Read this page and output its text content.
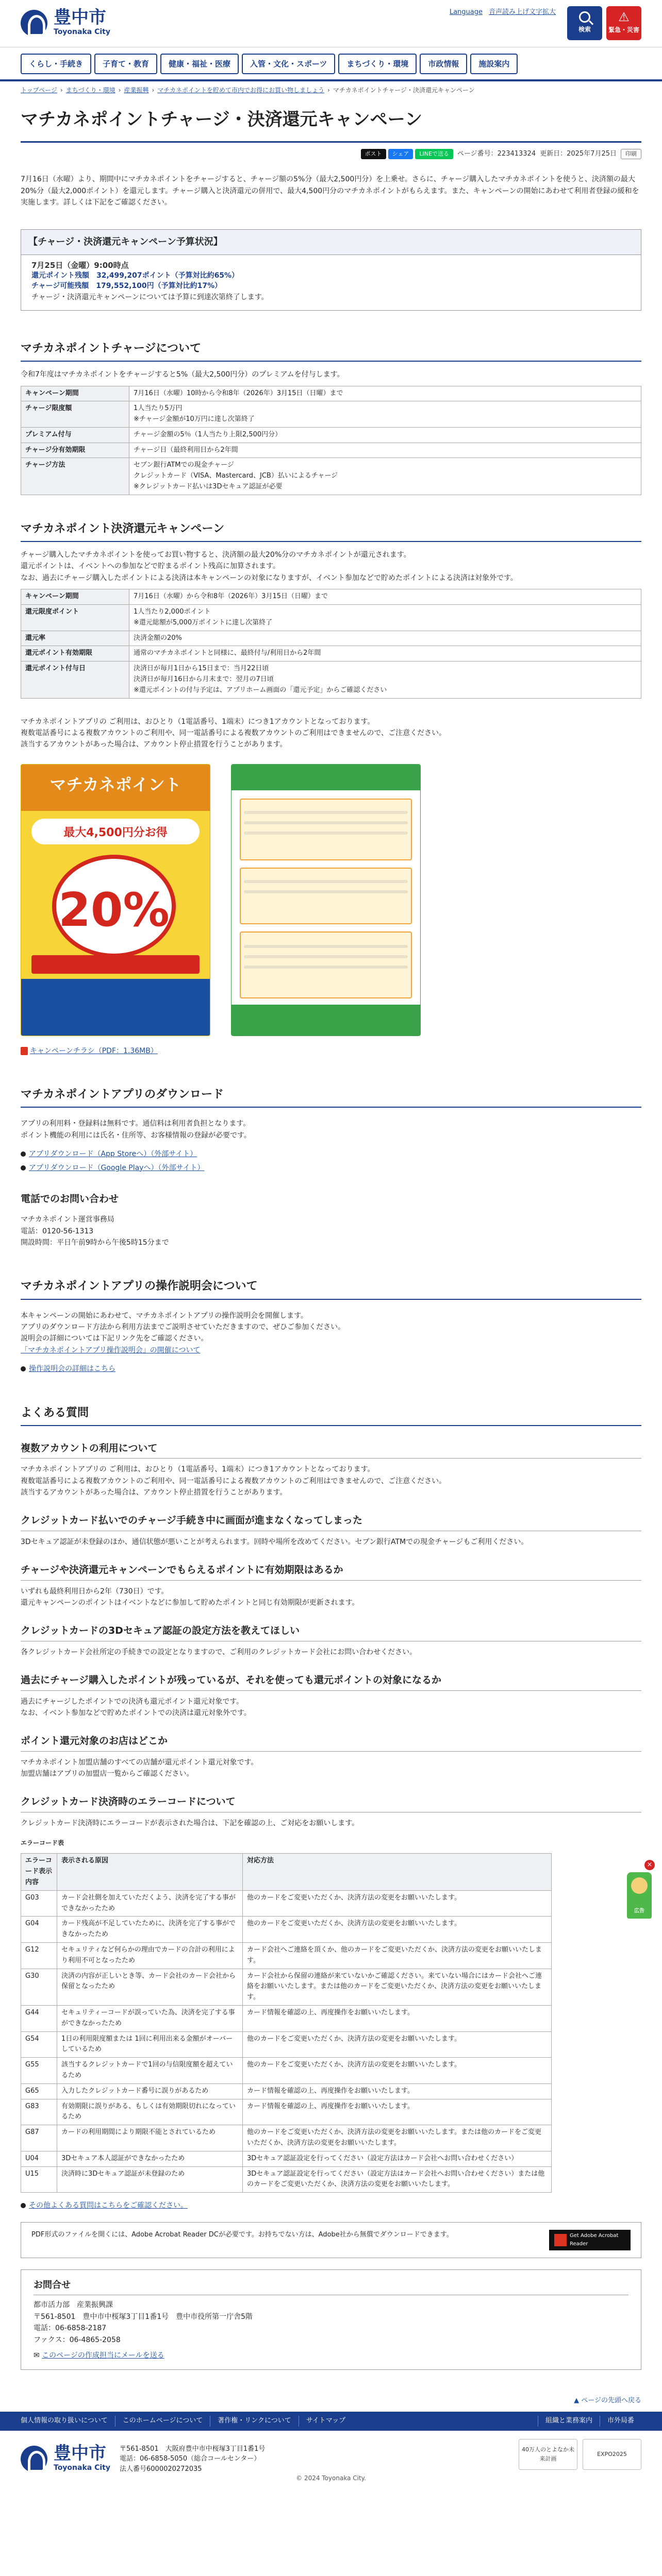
豊中市
Toyonaka City
Language 音声読み上げ文字拡大
検索
⚠
緊急・災害
くらし・手続き	子育て・教育	健康・福祉・医療	入管・文化・スポーツ	まちづくり・環境	市政情報	施設案内
トップページ › まちづくり・環境 › 産業振興 › マチカネポイントを貯めて市内でお得にお買い物しましょう › マチカネポイントチャージ・決済還元キャンペーン
マチカネポイントチャージ・決済還元キャンペーン
ポスト	シェア	LINEで送る	ページ番号：223413324 更新日：2025年7月25日	印刷

7月16日（水曜）より、期間中にマチカネポイントをチャージすると、チャージ額の5%分（最大2,500円分）を上乗せ。さらに、チャージ購入したマチカネポイントを使うと、決済額の最大20%分（最大2,000ポイント）を還元します。チャージ購入と決済還元の併用で、最大4,500円分のマチカネポイントがもらえます。また、キャンペーンの開始にあわせて利用者登録の緩和を実施します。詳しくは下記をご確認ください。

【チャージ・決済還元キャンペーン予算状況】
7月25日（金曜）9:00時点
還元ポイント残額　32,499,207ポイント（予算対比約65%）
チャージ可能残額　179,552,100円（予算対比約17%）
チャージ・決済還元キャンペーンについては予算に到達次第終了します。
マチカネポイントチャージについて

令和7年度はマチカネポイントをチャージすると5%（最大2,500円分）のプレミアムを付与します。

キャンペーン期間	7月16日（水曜）10時から令和8年（2026年）3月15日（日曜）まで

チャージ限度額	1人当たり5万円
※チャージ金額が10万円に達し次第終了

プレミアム付与	チャージ金額の5％（1人当たり上限2,500円分）

チャージ分有効期限	チャージ日（最終利用日から2年間

チャージ方法	セブン銀行ATMでの現金チャージ
クレジットカード（VISA、Mastercard、JCB）払いによるチャージ
※クレジットカード払いは3Dセキュア認証が必要
マチカネポイント決済還元キャンペーン

チャージ購入したマチカネポイントを使ってお買い物すると、決済額の最大20%分のマチカネポイントが還元されます。

還元ポイントは、イベントへの参加などで貯まるポイント残高に加算されます。

なお、過去にチャージ購入したポイントによる決済は本キャンペーンの対象になりますが、イベント参加などで貯めたポイントによる決済は対象外です。

キャンペーン期間	7月16日（水曜）から令和8年（2026年）3月15日（日曜）まで

還元限度ポイント	1人当たり2,000ポイント
※還元総額が5,000万ポイントに達し次第終了

還元率	決済金額の20%

還元ポイント有効期限	通常のマチカネポイントと同様に、最終付与/利用日から2年間

還元ポイント付与日	決済日が毎月1日から15日まで：当月22日頃
決済日が毎月16日から月末まで：翌月の7日頃
※還元ポイントの付与予定は、アプリホーム画面の「還元予定」からご確認ください

マチカネポイントアプリの ご利用は、おひとり（1電話番号、1端末）につき1アカウントとなっております。

複数電話番号による複数アカウントのご利用や、同一電話番号による複数アカウントのご利用はできませんので、ご注意ください。

該当するアカウントがあった場合は、アカウント停止措置を行うことがあります。

マチカネポイント
最大4,500円分お得
20%
キャンペーンチラシ（PDF：1.36MB）
マチカネポイントアプリのダウンロード

アプリの利用料・登録料は無料です。通信料は利用者負担となります。

ポイント機能の利用には氏名・住所等、お客様情報の登録が必要です。

アプリダウンロード（App Storeへ）（外部サイト）
アプリダウンロード（Google Playへ）（外部サイト）
電話でのお問い合わせ

マチカネポイント運営事務局

電話：0120-56-1313

開設時間：平日午前9時から午後5時15分まで

マチカネポイントアプリの操作説明会について

本キャンペーンの開始にあわせて、マチカネポイントアプリの操作説明会を開催します。

アプリのダウンロード方法から利用方法までご説明させていただきますので、ぜひご参加ください。

説明会の詳細については下記リンク先をご確認ください。

「マチカネポイントアプリ操作説明会」の開催について

操作説明会の詳細はこちら
よくある質問
複数アカウントの利用について

マチカネポイントアプリの ご利用は、おひとり（1電話番号、1端末）につき1アカウントとなっております。

複数電話番号による複数アカウントのご利用や、同一電話番号による複数アカウントのご利用はできませんので、ご注意ください。

該当するアカウントがあった場合は、アカウント停止措置を行うことがあります。

クレジットカード払いでのチャージ手続き中に画面が進まなくなってしまった

3Dセキュア認証が未登録のほか、通信状態が悪いことが考えられます。回時や場所を改めてください。セブン銀行ATMでの現金チャージもご利用ください。

チャージや決済還元キャンペーンでもらえるポイントに有効期限はあるか

いずれも最終利用日から2年（730日）です。

還元キャンペーンのポイントはイベントなどに参加して貯めたポイントと同じ有効期限が更新されます。

クレジットカードの3Dセキュア認証の設定方法を教えてほしい

各クレジットカード会社所定の手続きでの設定となりますので、ご利用のクレジットカード会社にお問い合わせください。

過去にチャージ購入したポイントが残っているが、それを使っても還元ポイントの対象になるか

過去にチャージしたポイントでの決済も還元ポイント還元対象です。

なお、イベント参加などで貯めたポイントでの決済は還元対象外です。

ポイント還元対象のお店はどこか

マチカネポイント加盟店舗のすべての店舗が還元ポイント還元対象です。

加盟店舗はアプリの加盟店一覧からご確認ください。

クレジットカード決済時のエラーコードについて

クレジットカード決済時にエラーコードが表示された場合は、下記を確認の上、ご対応をお願いします。

エラーコード表
エラーコード表示内容	表示される原因	対応方法
G03	カード会社側を加えていただくよう、決済を完了する事ができなかったため	他のカードをご変更いただくか、決済方法の変更をお願いいたします。
G04	カード残高が不足していたために、決済を完了する事ができなかったため	他のカードをご変更いただくか、決済方法の変更をお願いいたします。
G12	セキュリティなど何らかの理由でカードの合計の利用により利用不可となったため	カード会社へご連絡を頂くか、他のカードをご変更いただくか、決済方法の変更をお願いいたします。
G30	決済の内容が正しいとき等、カード会社のカード会社から保留となったため	カード会社から保留の連絡が来ていないかご確認ください。来ていない場合にはカード会社へご連絡をお願いいたします。または他のカードをご変更いただくか、決済方法の変更をお願いいたします。
G44	セキュリティーコードが誤っていた為、決済を完了する事ができなかったため	カード情報を確認の上、再度操作をお願いいたします。
G54	1日の利用限度額または 1回に利用出来る金額がオーバーしているため	他のカードをご変更いただくか、決済方法の変更をお願いいたします。
G55	該当するクレジットカードで1回の与信限度額を超えているため	他のカードをご変更いただくか、決済方法の変更をお願いいたします。
G65	入力したクレジットカード番号に誤りがあるため	カード情報を確認の上、再度操作をお願いいたします。
G83	有効期限に誤りがある、もしくは有効期限切れになっているため	カード情報を確認の上、再度操作をお願いいたします。
G87	カードの利用期間により期限不能とされているため	他のカードをご変更いただくか、決済方法の変更をお願いいたします。または他のカードをご変更いただくか、決済方法の変更をお願いいたします。
U04	3Dセキュア本人認証ができなかったため	3Dセキュア認証設定を行ってください（設定方法はカード会社へお問い合わせください）
U15	決済時に3Dセキュア認証が未登録のため	3Dセキュア認証設定を行ってください（設定方法はカード会社へお問い合わせください）または他のカードをご変更いただくか、決済方法の変更をお願いいたします。
その他よくある質問はこちらをご確認ください。
PDF形式のファイルを開くには、Adobe Acrobat Reader DCが必要です。お持ちでない方は、Adobe社から無償でダウンロードできます。	Get Adobe Acrobat Reader
お問合せ

都市活力部　産業振興課

〒561-8501　豊中市中桜塚3丁目1番1号　豊中市役所第一庁舎5階

電話：06-6858-2187

ファクス：06-4865-2058

✉ このページの作成担当にメールを送る
▲ ページの先頭へ戻る
個人情報の取り扱いについて	このホームページについて	著作権・リンクについて	サイトマップ	組織と業務案内	市外局番
豊中市
Toyonaka City
〒561-8501　大阪府豊中市中桜塚3丁目1番1号
電話：06-6858-5050（総合コールセンター）
法人番号6000020272035
40万人のとよなか未来計画
EXPO2025
© 2024 Toyonaka City.
×
広告
